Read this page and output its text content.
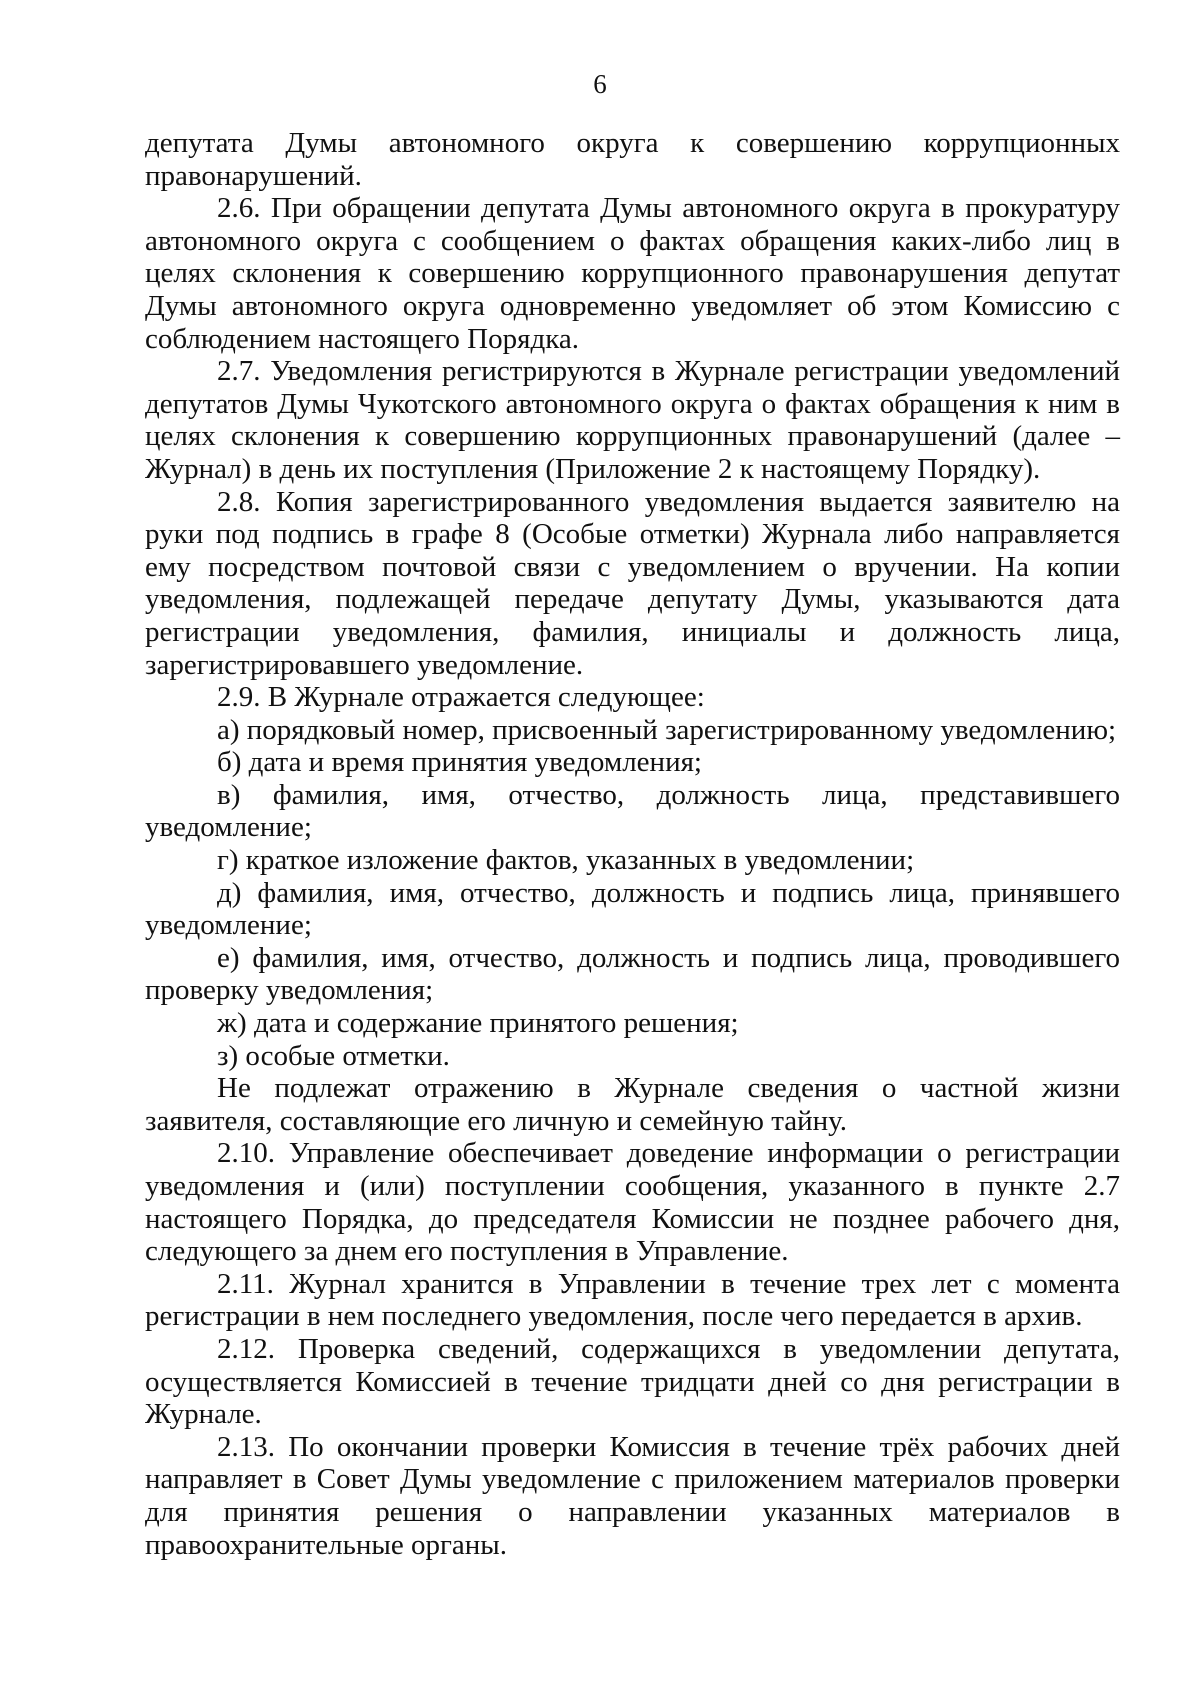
6

депутата Думы автономного округа к совершению коррупционных правонарушений.

2.6. При обращении депутата Думы автономного округа в прокуратуру автономного округа с сообщением о фактах обращения каких-либо лиц в целях склонения к совершению коррупционного правонарушения депутат Думы автономного округа одновременно уведомляет об этом Комиссию с соблюдением настоящего Порядка.

2.7. Уведомления регистрируются в Журнале регистрации уведомлений депутатов Думы Чукотского автономного округа о фактах обращения к ним в целях склонения к совершению коррупционных правонарушений (далее – Журнал) в день их поступления (Приложение 2 к настоящему Порядку).

2.8. Копия зарегистрированного уведомления выдается заявителю на руки под подпись в графе 8 (Особые отметки) Журнала либо направляется ему посредством почтовой связи с уведомлением о вручении. На копии уведомления, подлежащей передаче депутату Думы, указываются дата регистрации уведомления, фамилия, инициалы и должность лица, зарегистрировавшего уведомление.

2.9. В Журнале отражается следующее:

а) порядковый номер, присвоенный зарегистрированному уведомлению;

б) дата и время принятия уведомления;

в) фамилия, имя, отчество, должность лица, представившего уведомление;

г) краткое изложение фактов, указанных в уведомлении;

д) фамилия, имя, отчество, должность и подпись лица, принявшего уведомление;

е) фамилия, имя, отчество, должность и подпись лица, проводившего проверку уведомления;

ж) дата и содержание принятого решения;

з) особые отметки.

Не подлежат отражению в Журнале сведения о частной жизни заявителя, составляющие его личную и семейную тайну.

2.10. Управление обеспечивает доведение информации о регистрации уведомления и (или) поступлении сообщения, указанного в пункте 2.7 настоящего Порядка, до председателя Комиссии не позднее рабочего дня, следующего за днем его поступления в Управление.

2.11. Журнал хранится в Управлении в течение трех лет с момента регистрации в нем последнего уведомления, после чего передается в архив.

2.12. Проверка сведений, содержащихся в уведомлении депутата, осуществляется Комиссией в течение тридцати дней со дня регистрации в Журнале.

2.13. По окончании проверки Комиссия в течение трёх рабочих дней направляет в Совет Думы уведомление с приложением материалов проверки для принятия решения о направлении указанных материалов в правоохранительные органы.
